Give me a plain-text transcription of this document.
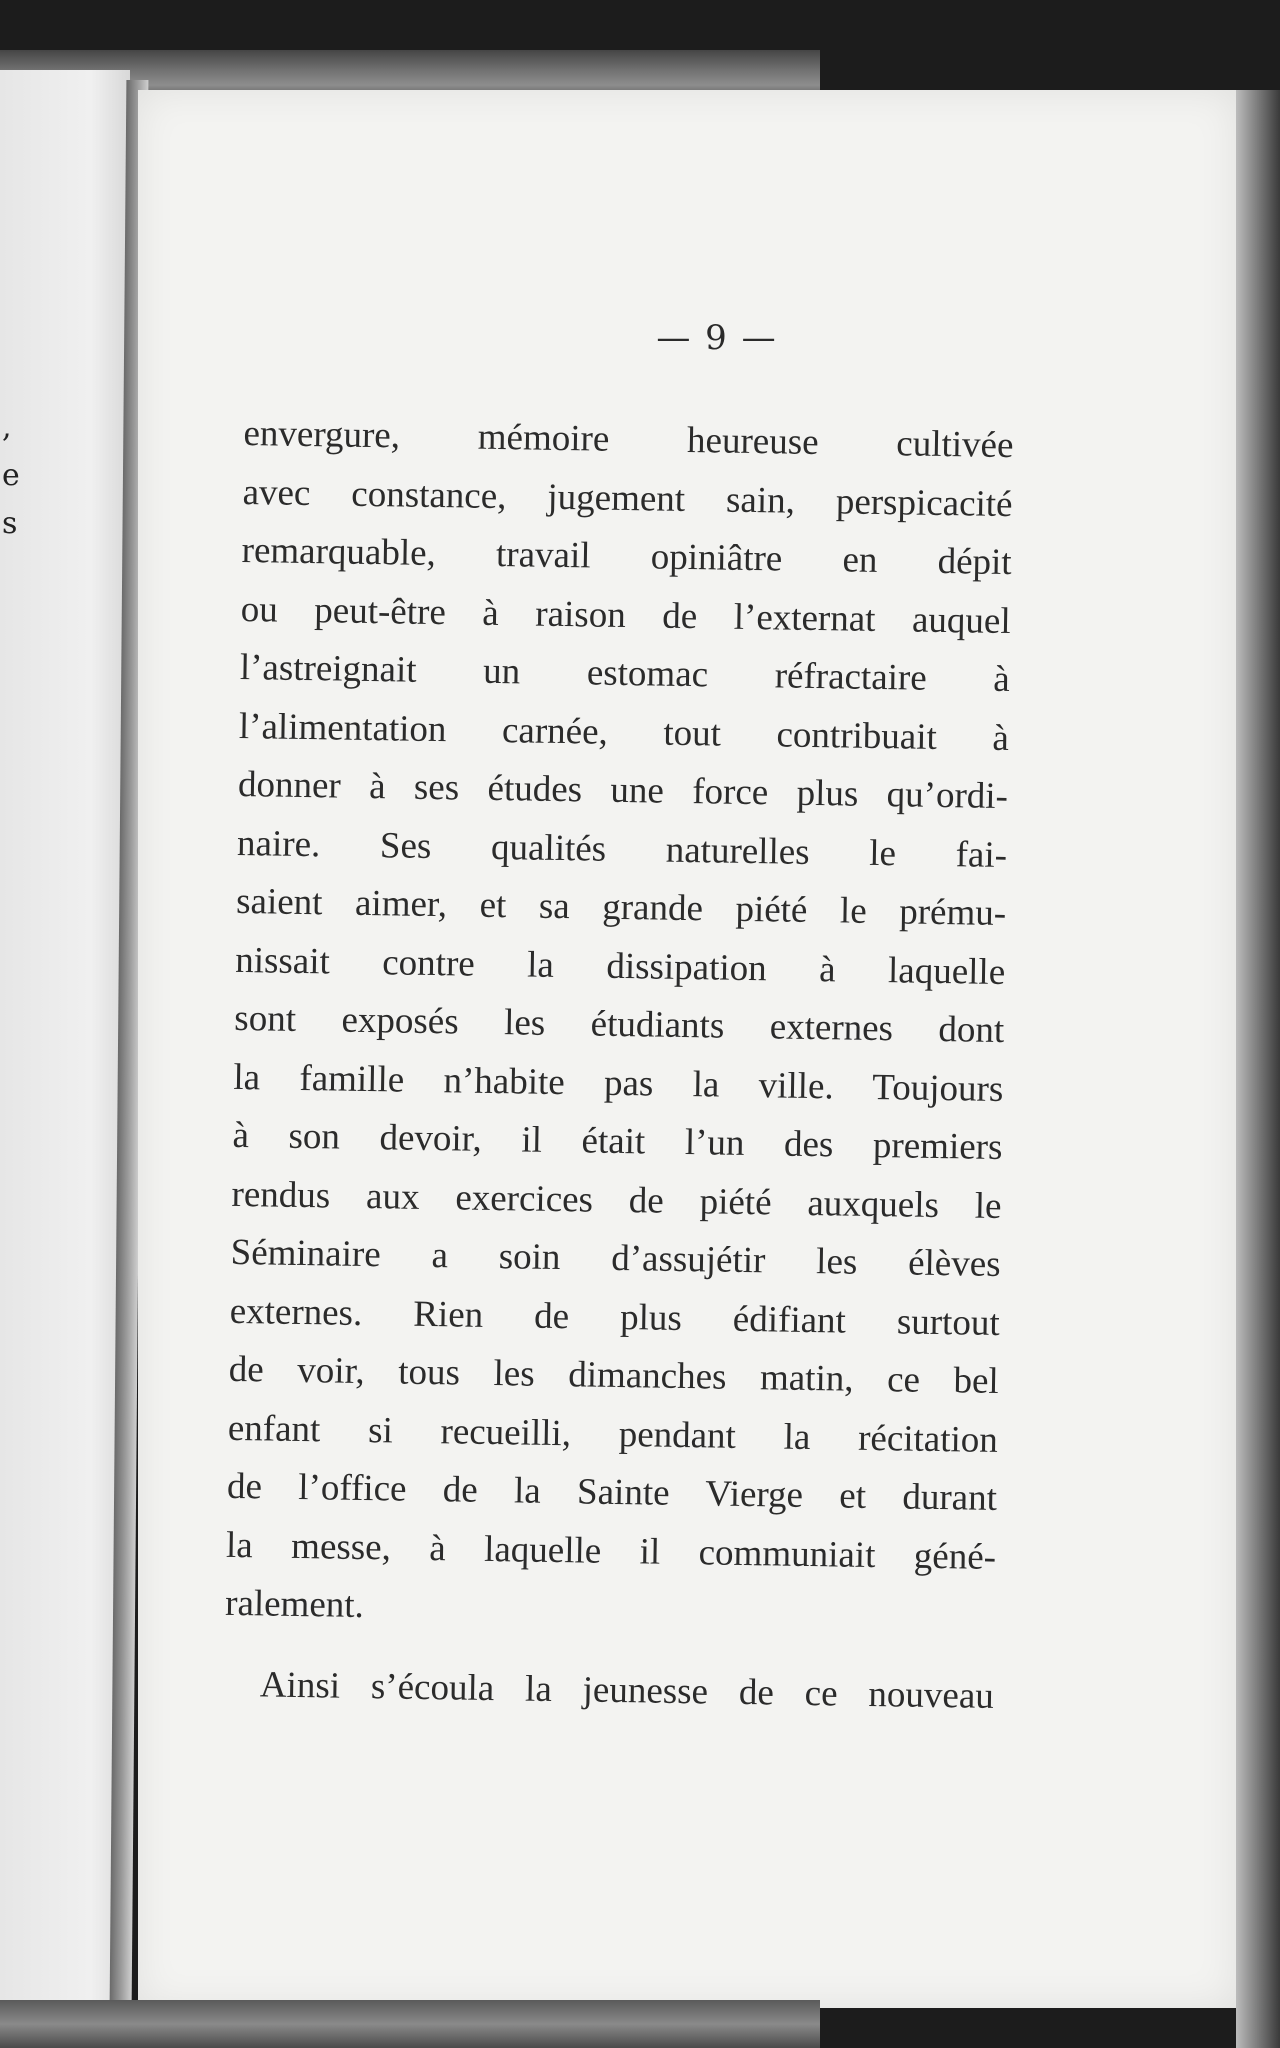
,
e
s
— 9 —
envergure, mémoire heureuse cultivée
avec constance, jugement sain, perspicacité
remarquable, travail opiniâtre en dépit
ou peut-être à raison de l’externat auquel
l’astreignait un estomac réfractaire à
l’alimentation carnée, tout contribuait à
donner à ses études une force plus qu’ordi-
naire. Ses qualités naturelles le fai-
saient aimer, et sa grande piété le prému-
nissait contre la dissipation à laquelle
sont exposés les étudiants externes dont
la famille n’habite pas la ville. Toujours
à son devoir, il était l’un des premiers
rendus aux exercices de piété auxquels le
Séminaire a soin d’assujétir les élèves
externes. Rien de plus édifiant surtout
de voir, tous les dimanches matin, ce bel
enfant si recueilli, pendant la récitation
de l’office de la Sainte Vierge et durant
la messe, à laquelle il communiait géné-
ralement.
Ainsi s’écoula la jeunesse de ce nouveau
